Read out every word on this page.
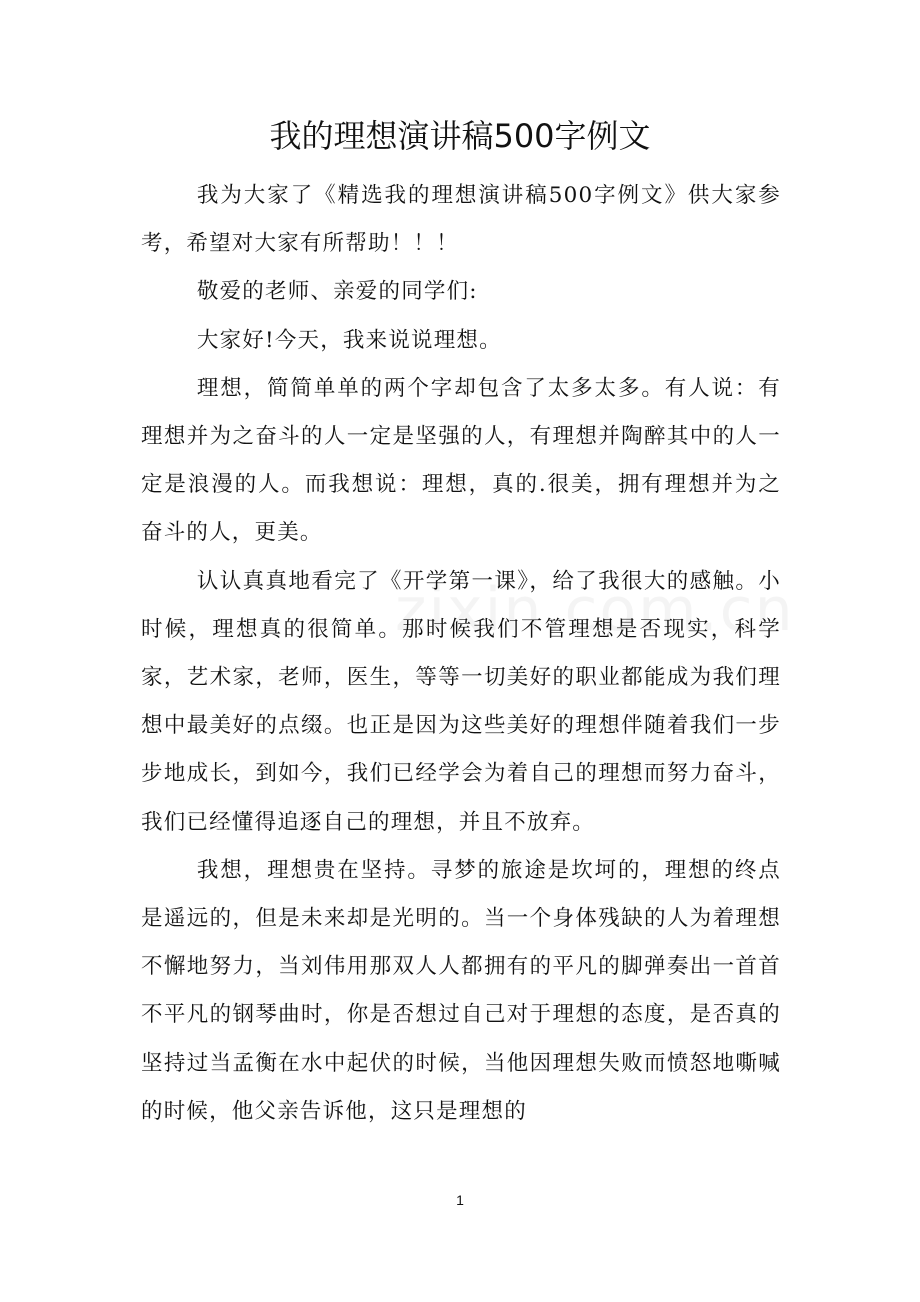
我的理想演讲稿500字例文

我为大家了《精选我的理想演讲稿500字例文》供大家参考，希望对大家有所帮助！！！

敬爱的老师、亲爱的同学们:

大家好!今天，我来说说理想。

理想，简简单单的两个字却包含了太多太多。有人说：有理想并为之奋斗的人一定是坚强的人，有理想并陶醉其中的人一定是浪漫的人。而我想说：理想，真的.很美，拥有理想并为之奋斗的人，更美。

认认真真地看完了《开学第一课》，给了我很大的感触。小时候，理想真的很简单。那时候我们不管理想是否现实，科学家，艺术家，老师，医生，等等一切美好的职业都能成为我们理想中最美好的点缀。也正是因为这些美好的理想伴随着我们一步步地成长，到如今，我们已经学会为着自己的理想而努力奋斗，我们已经懂得追逐自己的理想，并且不放弃。

我想，理想贵在坚持。寻梦的旅途是坎坷的，理想的终点是遥远的，但是未来却是光明的。当一个身体残缺的人为着理想不懈地努力，当刘伟用那双人人都拥有的平凡的脚弹奏出一首首不平凡的钢琴曲时，你是否想过自己对于理想的态度，是否真的坚持过当孟衡在水中起伏的时候，当他因理想失败而愤怒地嘶喊的时候，他父亲告诉他，这只是理想的

1
